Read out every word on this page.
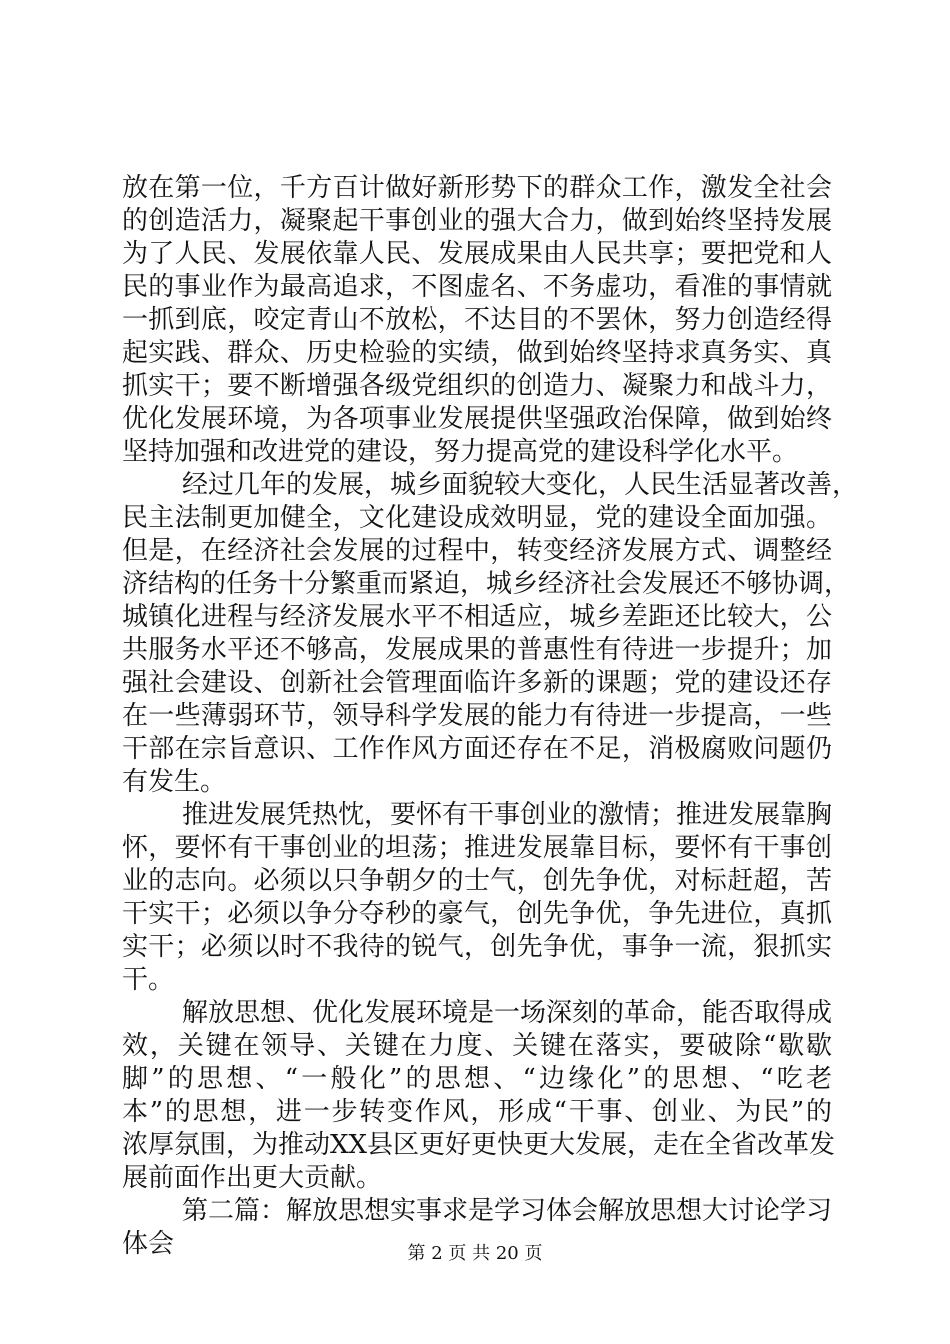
放在第一位，千方百计做好新形势下的群众工作，激发全社会
的创造活力，凝聚起干事创业的强大合力，做到始终坚持发展
为了人民、发展依靠人民、发展成果由人民共享；要把党和人
民的事业作为最高追求，不图虚名、不务虚功，看准的事情就
一抓到底，咬定青山不放松，不达目的不罢休，努力创造经得
起实践、群众、历史检验的实绩，做到始终坚持求真务实、真
抓实干；要不断增强各级党组织的创造力、凝聚力和战斗力，
优化发展环境，为各项事业发展提供坚强政治保障，做到始终
坚持加强和改进党的建设，努力提高党的建设科学化水平。
经过几年的发展，城乡面貌较大变化，人民生活显著改善，
民主法制更加健全，文化建设成效明显，党的建设全面加强。
但是，在经济社会发展的过程中，转变经济发展方式、调整经
济结构的任务十分繁重而紧迫，城乡经济社会发展还不够协调，
城镇化进程与经济发展水平不相适应，城乡差距还比较大，公
共服务水平还不够高，发展成果的普惠性有待进一步提升；加
强社会建设、创新社会管理面临许多新的课题；党的建设还存
在一些薄弱环节，领导科学发展的能力有待进一步提高，一些
干部在宗旨意识、工作作风方面还存在不足，消极腐败问题仍
有发生。
推进发展凭热忱，要怀有干事创业的激情；推进发展靠胸
怀，要怀有干事创业的坦荡；推进发展靠目标，要怀有干事创
业的志向。必须以只争朝夕的士气，创先争优，对标赶超，苦
干实干；必须以争分夺秒的豪气，创先争优，争先进位，真抓
实干；必须以时不我待的锐气，创先争优，事争一流，狠抓实
干。
解放思想、优化发展环境是一场深刻的革命，能否取得成
效，关键在领导、关键在力度、关键在落实，要破除“歇歇
脚”的思想、“一般化”的思想、“边缘化”的思想、“吃老
本”的思想，进一步转变作风，形成“干事、创业、为民”的
浓厚氛围，为推动XX县区更好更快更大发展，走在全省改革发
展前面作出更大贡献。
第二篇：解放思想实事求是学习体会解放思想大讨论学习
体会	第 2 页 共 20 页
